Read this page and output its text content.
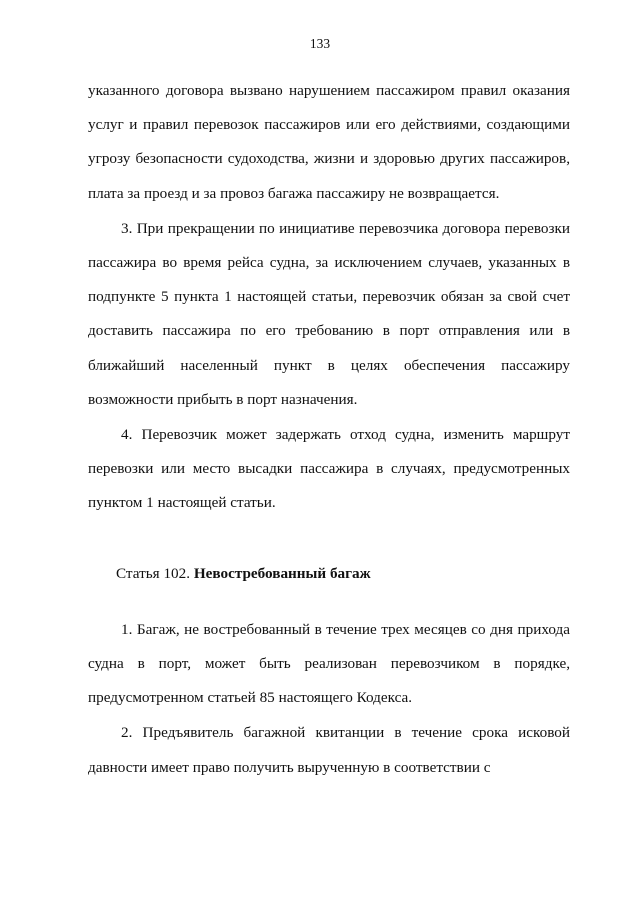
133

указанного договора вызвано нарушением пассажиром правил оказания услуг и правил перевозок пассажиров или его действиями, создающими угрозу безопасности судоходства, жизни и здоровью других пассажиров, плата за проезд и за провоз багажа пассажиру не возвращается.

3. При прекращении по инициативе перевозчика договора перевозки пассажира во время рейса судна, за исключением случаев, указанных в подпункте 5 пункта 1 настоящей статьи, перевозчик обязан за свой счет доставить пассажира по его требованию в порт отправления или в ближайший населенный пункт в целях обеспечения пассажиру возможности прибыть в порт назначения.

4. Перевозчик может задержать отход судна, изменить маршрут перевозки или место высадки пассажира в случаях, предусмотренных пунктом 1 настоящей статьи.

Статья 102. Невостребованный багаж

1. Багаж, не востребованный в течение трех месяцев со дня прихода судна в порт, может быть реализован перевозчиком в порядке, предусмотренном статьей 85 настоящего Кодекса.

2. Предъявитель багажной квитанции в течение срока исковой давности имеет право получить вырученную в соответствии с
